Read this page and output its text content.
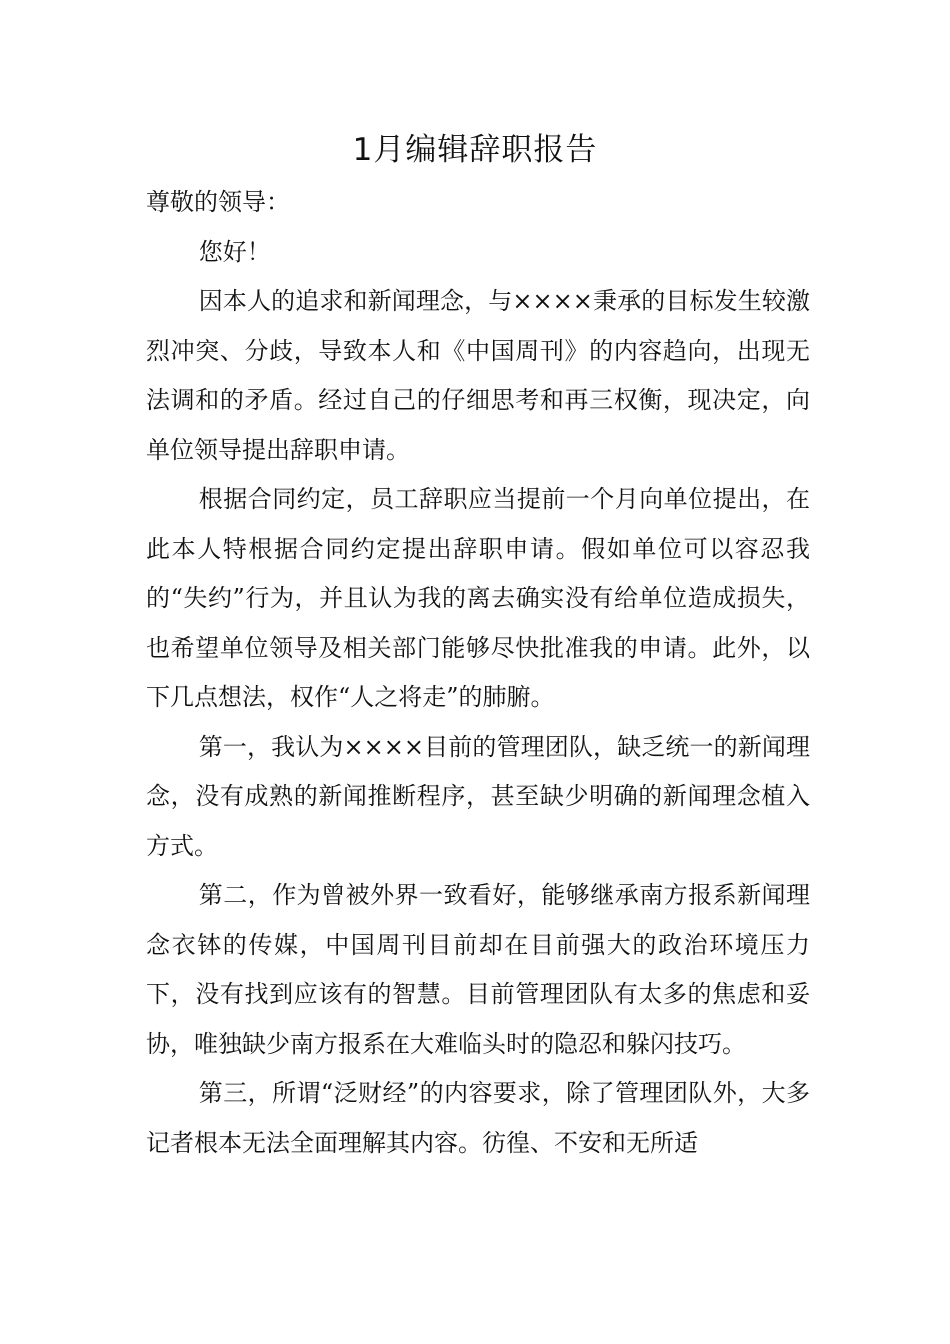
1月编辑辞职报告

尊敬的领导：

您好！

因本人的追求和新闻理念，与××××秉承的目标发生较激烈冲突、分歧，导致本人和《中国周刊》的内容趋向，出现无法调和的矛盾。经过自己的仔细思考和再三权衡，现决定，向单位领导提出辞职申请。

根据合同约定，员工辞职应当提前一个月向单位提出，在此本人特根据合同约定提出辞职申请。假如单位可以容忍我的“失约”行为，并且认为我的离去确实没有给单位造成损失，也希望单位领导及相关部门能够尽快批准我的申请。此外，以下几点想法，权作“人之将走”的肺腑。

第一，我认为××××目前的管理团队，缺乏统一的新闻理念，没有成熟的新闻推断程序，甚至缺少明确的新闻理念植入方式。

第二，作为曾被外界一致看好，能够继承南方报系新闻理念衣钵的传媒，中国周刊目前却在目前强大的政治环境压力下，没有找到应该有的智慧。目前管理团队有太多的焦虑和妥协，唯独缺少南方报系在大难临头时的隐忍和躲闪技巧。

第三，所谓“泛财经”的内容要求，除了管理团队外，大多记者根本无法全面理解其内容。彷徨、不安和无所适
